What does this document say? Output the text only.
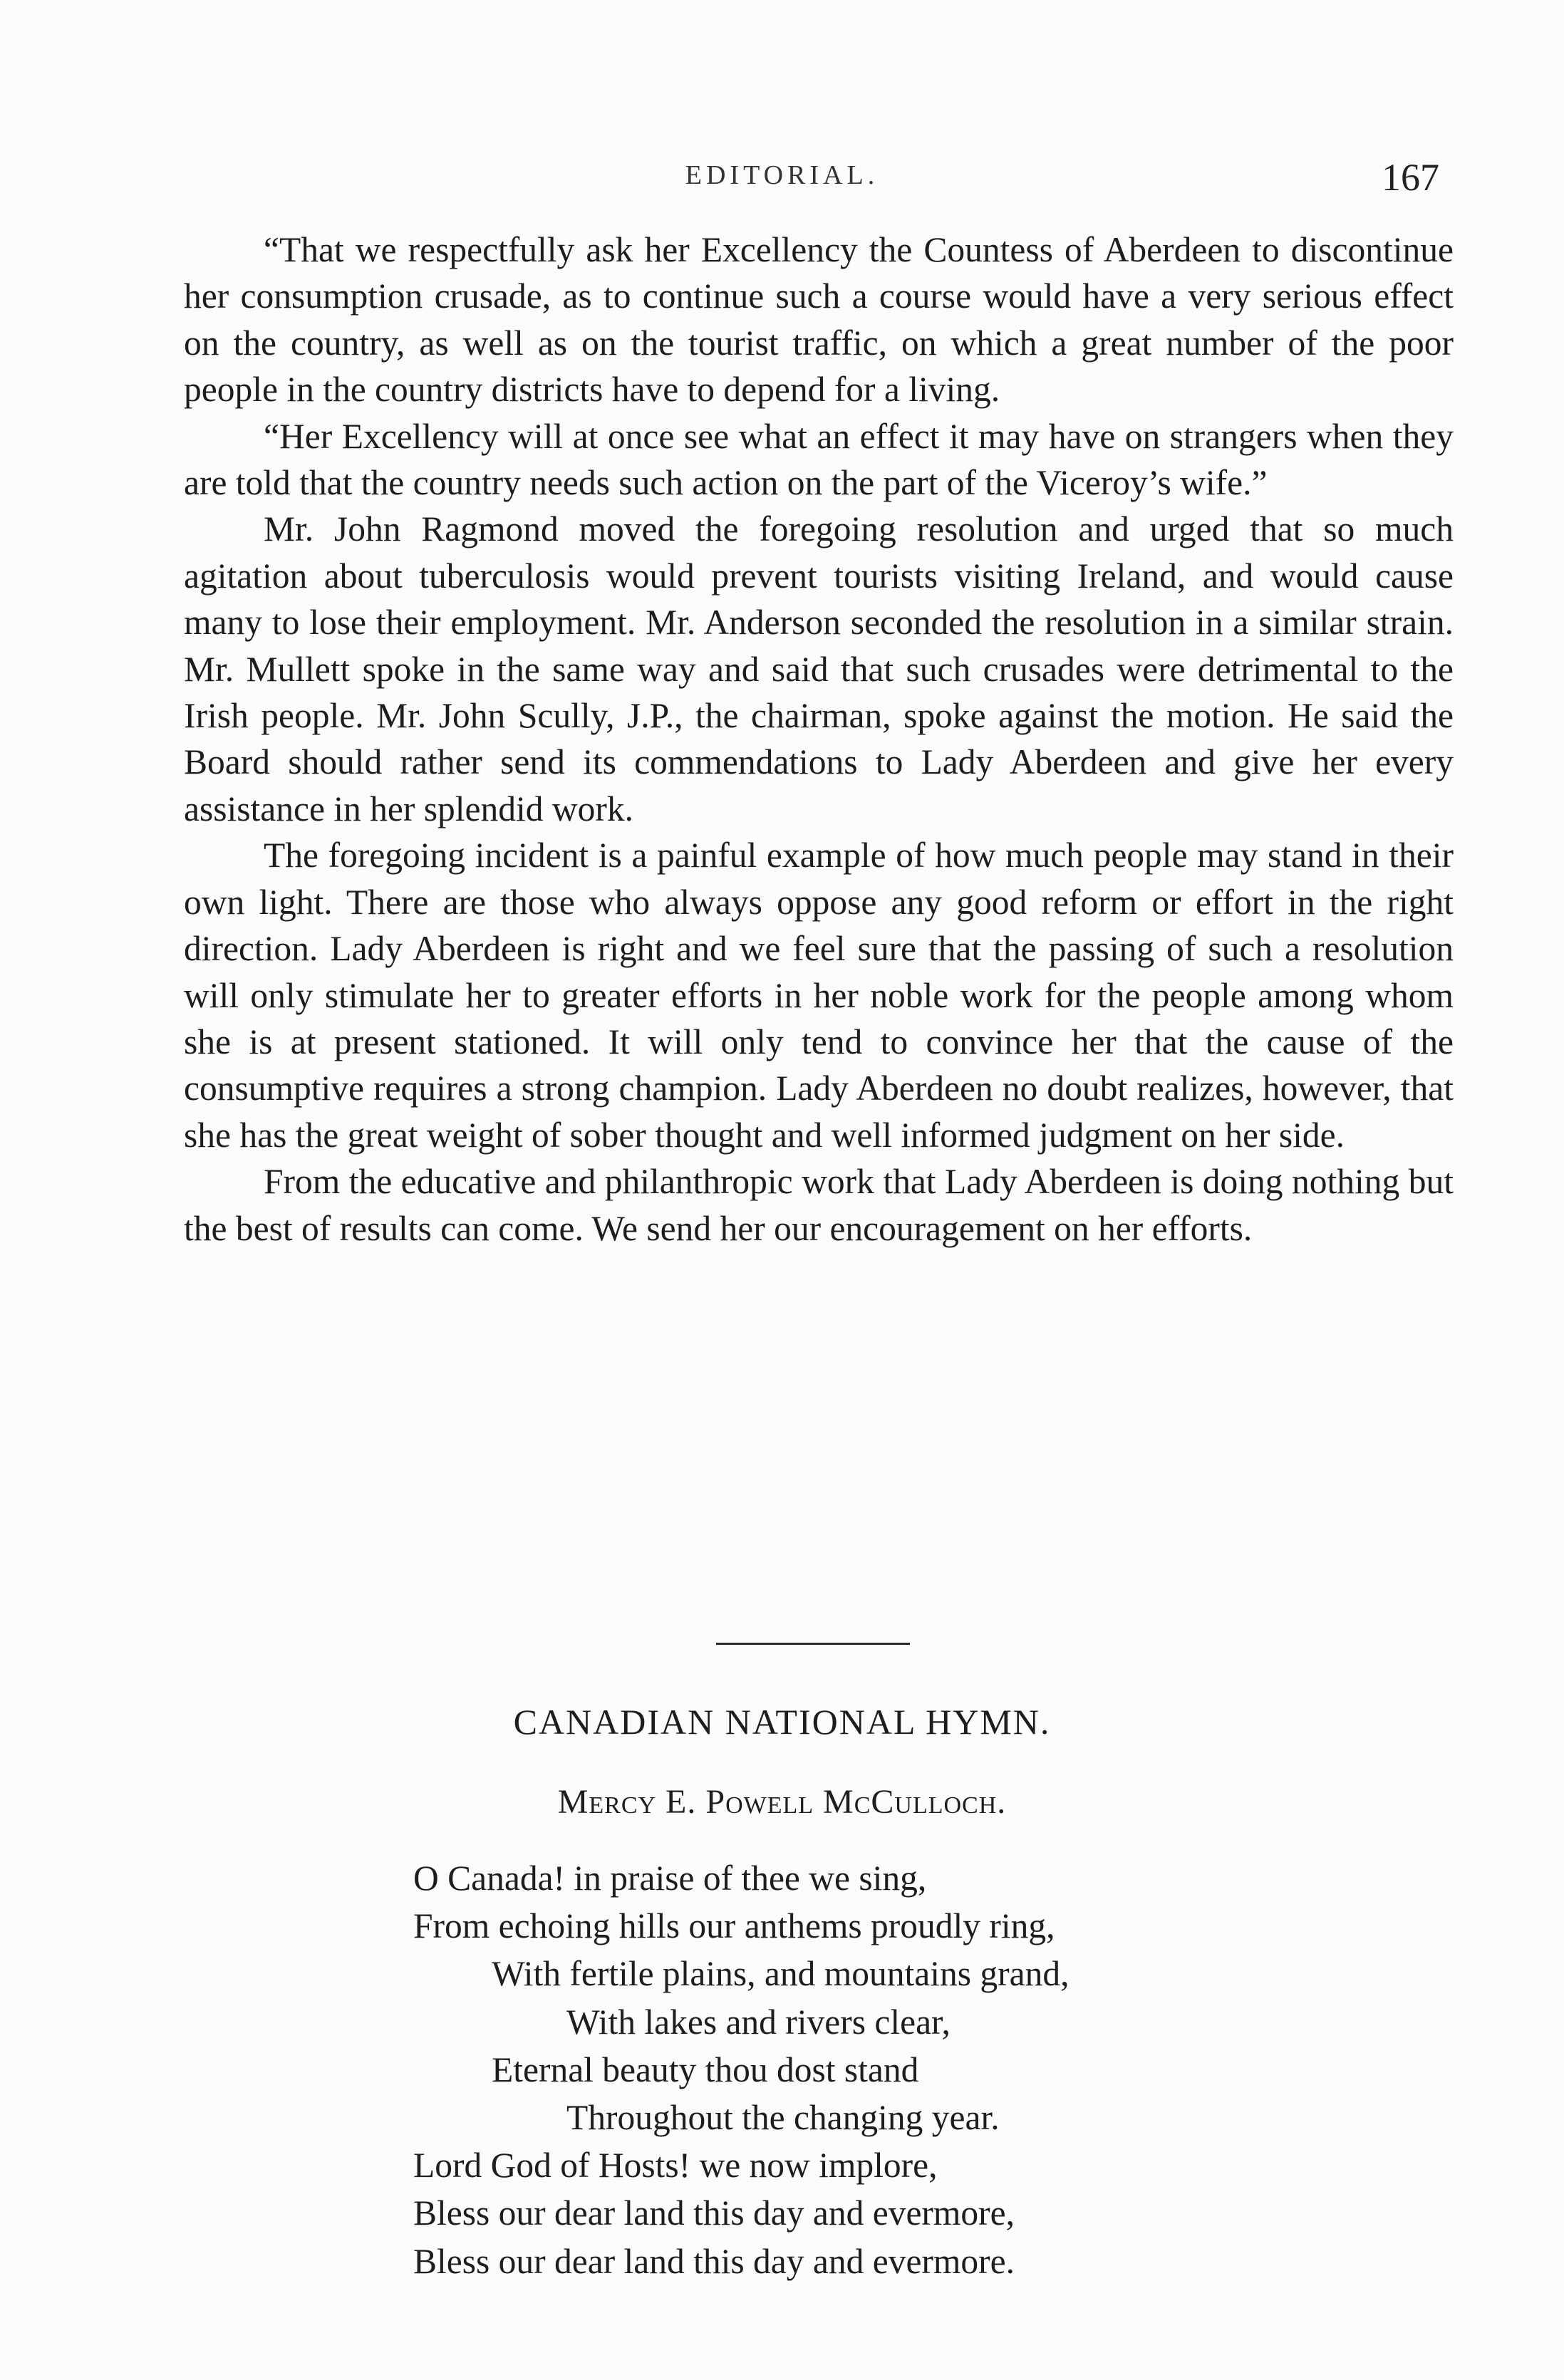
EDITORIAL.	167

“That we respectfully ask her Excellency the Countess of Aberdeen to discontinue her consumption crusade, as to continue such a course would have a very serious effect on the country, as well as on the tourist traffic, on which a great number of the poor people in the country districts have to depend for a living.

“Her Excellency will at once see what an effect it may have on strangers when they are told that the country needs such action on the part of the Viceroy’s wife.”

Mr. John Ragmond moved the foregoing resolution and urged that so much agitation about tuberculosis would prevent tourists visiting Ireland, and would cause many to lose their employment. Mr. Anderson seconded the resolution in a similar strain. Mr. Mullett spoke in the same way and said that such crusades were detrimental to the Irish people. Mr. John Scully, J.P., the chairman, spoke against the motion. He said the Board should rather send its commendations to Lady Aberdeen and give her every assistance in her splendid work.

The foregoing incident is a painful example of how much people may stand in their own light. There are those who always oppose any good reform or effort in the right direction. Lady Aberdeen is right and we feel sure that the passing of such a resolution will only stimulate her to greater efforts in her noble work for the people among whom she is at present stationed. It will only tend to convince her that the cause of the consumptive requires a strong champion. Lady Aberdeen no doubt realizes, however, that she has the great weight of sober thought and well informed judgment on her side.

From the educative and philanthropic work that Lady Aberdeen is doing nothing but the best of results can come. We send her our encouragement on her efforts.

CANADIAN NATIONAL HYMN.
Mercy E. Powell McCulloch.
O Canada! in praise of thee we sing,
From echoing hills our anthems proudly ring,
With fertile plains, and mountains grand,
With lakes and rivers clear,
Eternal beauty thou dost stand
Throughout the changing year.
Lord God of Hosts! we now implore,
Bless our dear land this day and evermore,
Bless our dear land this day and evermore.
